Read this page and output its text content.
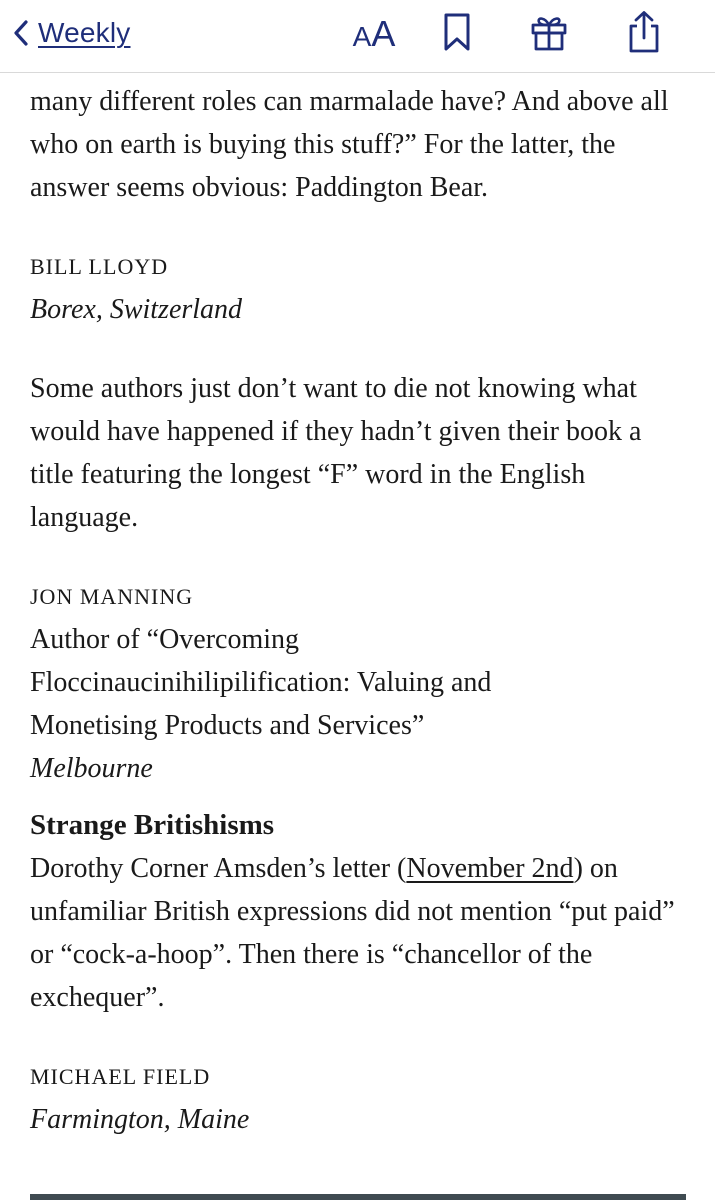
Weekly	A A

many different roles can marmalade have? And above all who on earth is buying this stuff?” For the latter, the answer seems obvious: Paddington Bear.

BILL LLOYD
Borex, Switzerland

Some authors just don’t want to die not knowing what would have happened if they hadn’t given their book a title featuring the longest “F” word in the English language.

JON MANNING
Author of “Overcoming
Floccinaucinihilipilification: Valuing and
Monetising Products and Services”
Melbourne
Strange Britishisms

Dorothy Corner Amsden’s letter (November 2nd) on unfamiliar British expressions did not mention “put paid” or “cock-a-hoop”. Then there is “chancellor of the exchequer”.

MICHAEL FIELD
Farmington, Maine
